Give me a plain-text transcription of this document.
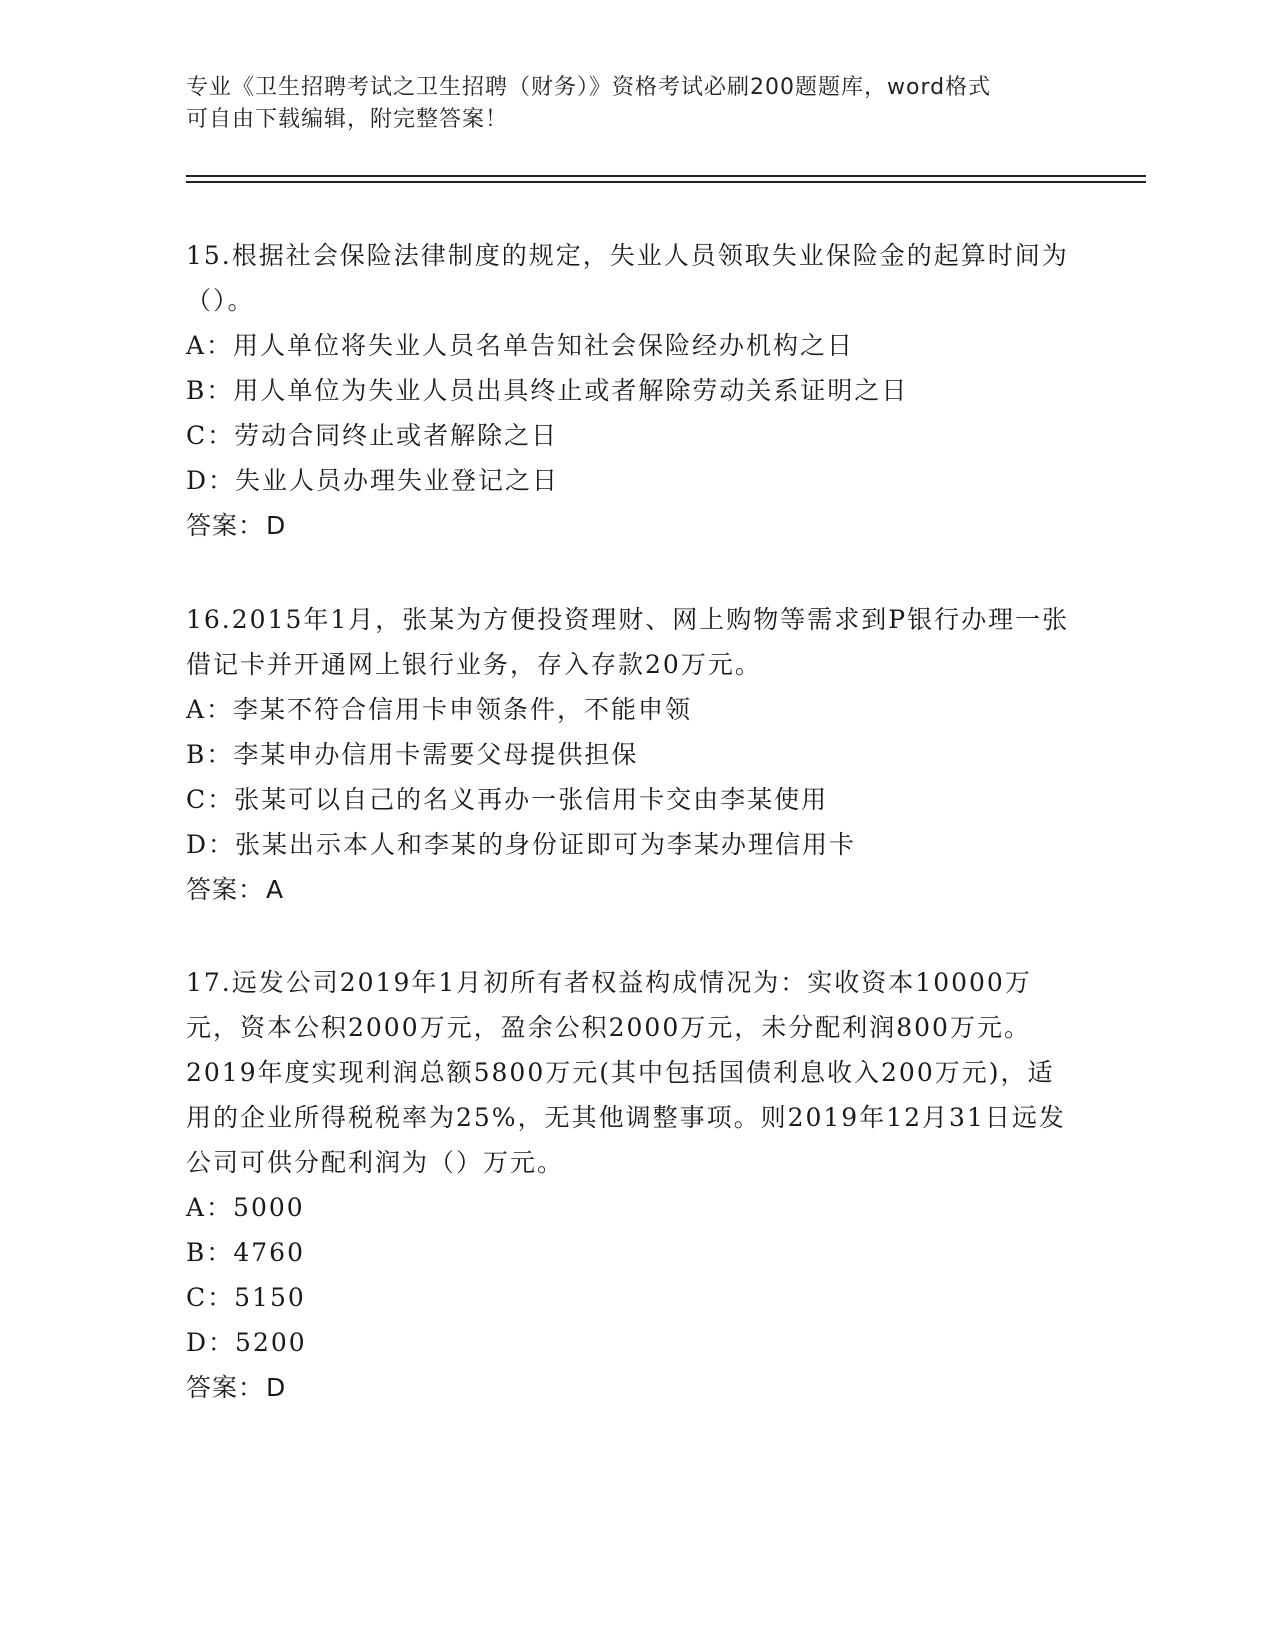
专业《卫生招聘考试之卫生招聘（财务）》资格考试必刷200题题库，word格式
可自由下载编辑，附完整答案！

15.根据社会保险法律制度的规定，失业人员领取失业保险金的起算时间为（）。

A：用人单位将失业人员名单告知社会保险经办机构之日

B：用人单位为失业人员出具终止或者解除劳动关系证明之日

C：劳动合同终止或者解除之日

D：失业人员办理失业登记之日

答案：D

16.2015年1月，张某为方便投资理财、网上购物等需求到P银行办理一张借记卡并开通网上银行业务，存入存款20万元。

A：李某不符合信用卡申领条件，不能申领

B：李某申办信用卡需要父母提供担保

C：张某可以自己的名义再办一张信用卡交由李某使用

D：张某出示本人和李某的身份证即可为李某办理信用卡

答案：A

17.远发公司2019年1月初所有者权益构成情况为：实收资本10000万元，资本公积2000万元，盈余公积2000万元，未分配利润800万元。2019年度实现利润总额5800万元(其中包括国债利息收入200万元)，适用的企业所得税税率为25%，无其他调整事项。则2019年12月31日远发公司可供分配利润为（）万元。

A：5000

B：4760

C：5150

D：5200

答案：D
